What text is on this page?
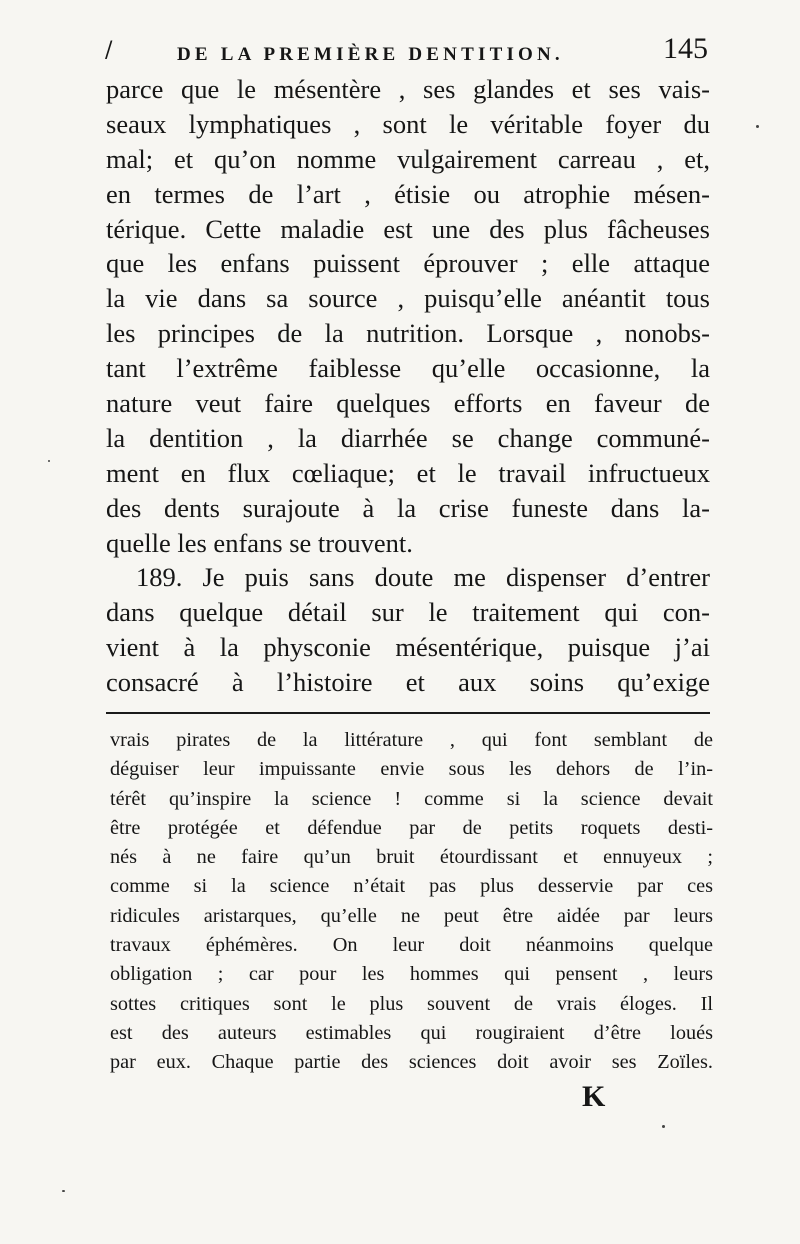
/	DE LA PREMIÈRE DENTITION.	145
parce que le mésentère , ses glandes et ses vais-
seaux lymphatiques , sont le véritable foyer du
mal; et qu’on nomme vulgairement carreau , et,
en termes de l’art , étisie ou atrophie mésen-
térique. Cette maladie est une des plus fâcheuses
que les enfans puissent éprouver ; elle attaque
la vie dans sa source , puisqu’elle anéantit tous
les principes de la nutrition. Lorsque , nonobs-
tant l’extrême faiblesse qu’elle occasionne, la
nature veut faire quelques efforts en faveur de
la dentition , la diarrhée se change communé-
ment en flux cœliaque; et le travail infructueux
des dents surajoute à la crise funeste dans la-
quelle les enfans se trouvent.
189. Je puis sans doute me dispenser d’entrer
dans quelque détail sur le traitement qui con-
vient à la physconie mésentérique, puisque j’ai
consacré à l’histoire et aux soins qu’exige
vrais pirates de la littérature , qui font semblant de
déguiser leur impuissante envie sous les dehors de l’in-
térêt qu’inspire la science ! comme si la science devait
être protégée et défendue par de petits roquets desti-
nés à ne faire qu’un bruit étourdissant et ennuyeux ;
comme si la science n’était pas plus desservie par ces
ridicules aristarques, qu’elle ne peut être aidée par leurs
travaux éphémères. On leur doit néanmoins quelque
obligation ; car pour les hommes qui pensent , leurs
sottes critiques sont le plus souvent de vrais éloges. Il
est des auteurs estimables qui rougiraient d’être loués
par eux. Chaque partie des sciences doit avoir ses Zoïles.
K
